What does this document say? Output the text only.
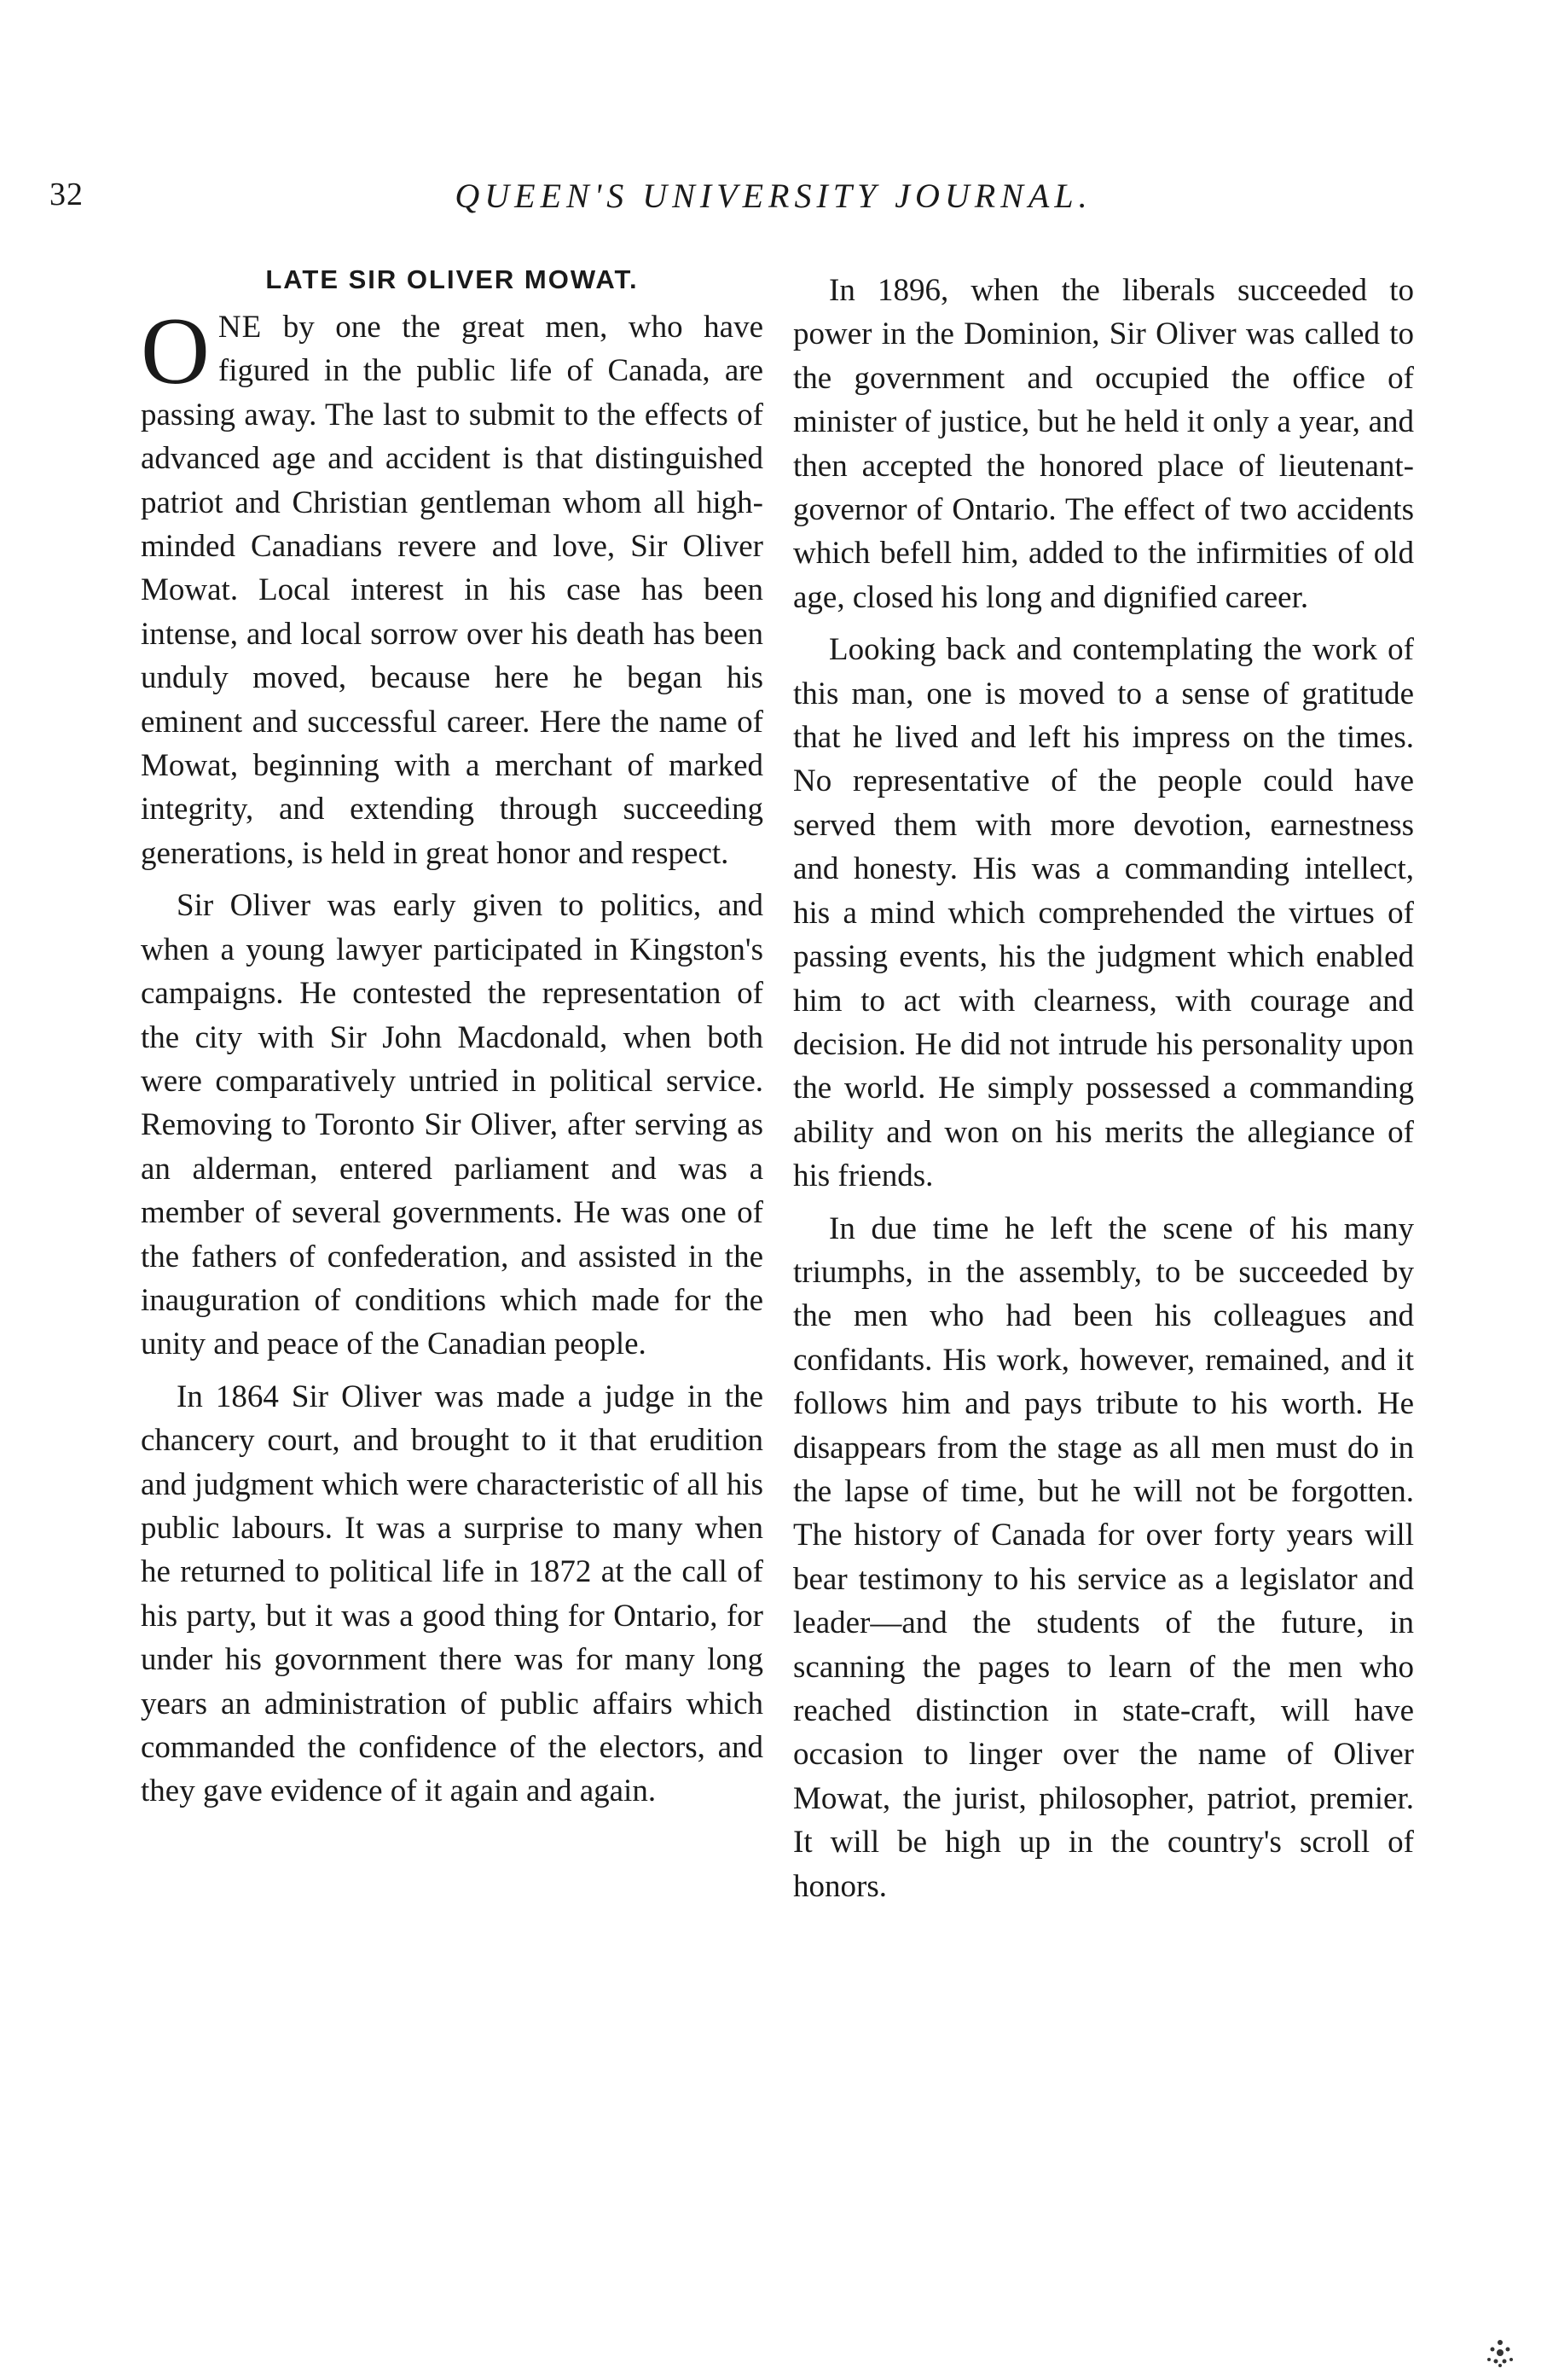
32	QUEEN'S UNIVERSITY JOURNAL.
LATE SIR OLIVER MOWAT.

ONE by one the great men, who have figured in the public life of Canada, are passing away. The last to submit to the effects of advanced age and accident is that distinguished patriot and Christian gentleman whom all high-minded Canadians revere and love, Sir Oliver Mowat. Local interest in his case has been intense, and local sorrow over his death has been unduly moved, because here he began his eminent and successful career. Here the name of Mowat, beginning with a merchant of marked integrity, and extending through succeeding generations, is held in great honor and respect.

Sir Oliver was early given to politics, and when a young lawyer participated in Kingston's campaigns. He contested the representation of the city with Sir John Macdonald, when both were comparatively untried in political service. Removing to Toronto Sir Oliver, after serving as an alderman, entered parliament and was a member of several governments. He was one of the fathers of confederation, and assisted in the inauguration of conditions which made for the unity and peace of the Canadian people.

In 1864 Sir Oliver was made a judge in the chancery court, and brought to it that erudition and judgment which were characteristic of all his public labours. It was a surprise to many when he returned to political life in 1872 at the call of his party, but it was a good thing for Ontario, for under his govornment there was for many long years an administration of public affairs which commanded the confidence of the electors, and they gave evidence of it again and again.

In 1896, when the liberals succeeded to power in the Dominion, Sir Oliver was called to the government and occupied the office of minister of justice, but he held it only a year, and then accepted the honored place of lieutenant-governor of Ontario. The effect of two accidents which befell him, added to the infirmities of old age, closed his long and dignified career.

Looking back and contemplating the work of this man, one is moved to a sense of gratitude that he lived and left his impress on the times. No representative of the people could have served them with more devotion, earnestness and honesty. His was a commanding intellect, his a mind which comprehended the virtues of passing events, his the judgment which enabled him to act with clearness, with courage and decision. He did not intrude his personality upon the world. He simply possessed a commanding ability and won on his merits the allegiance of his friends.

In due time he left the scene of his many triumphs, in the assembly, to be succeeded by the men who had been his colleagues and confidants. His work, however, remained, and it follows him and pays tribute to his worth. He disappears from the stage as all men must do in the lapse of time, but he will not be forgotten. The history of Canada for over forty years will bear testimony to his service as a legislator and leader—and the students of the future, in scanning the pages to learn of the men who reached distinction in state-craft, will have occasion to linger over the name of Oliver Mowat, the jurist, philosopher, patriot, premier. It will be high up in the country's scroll of honors.
